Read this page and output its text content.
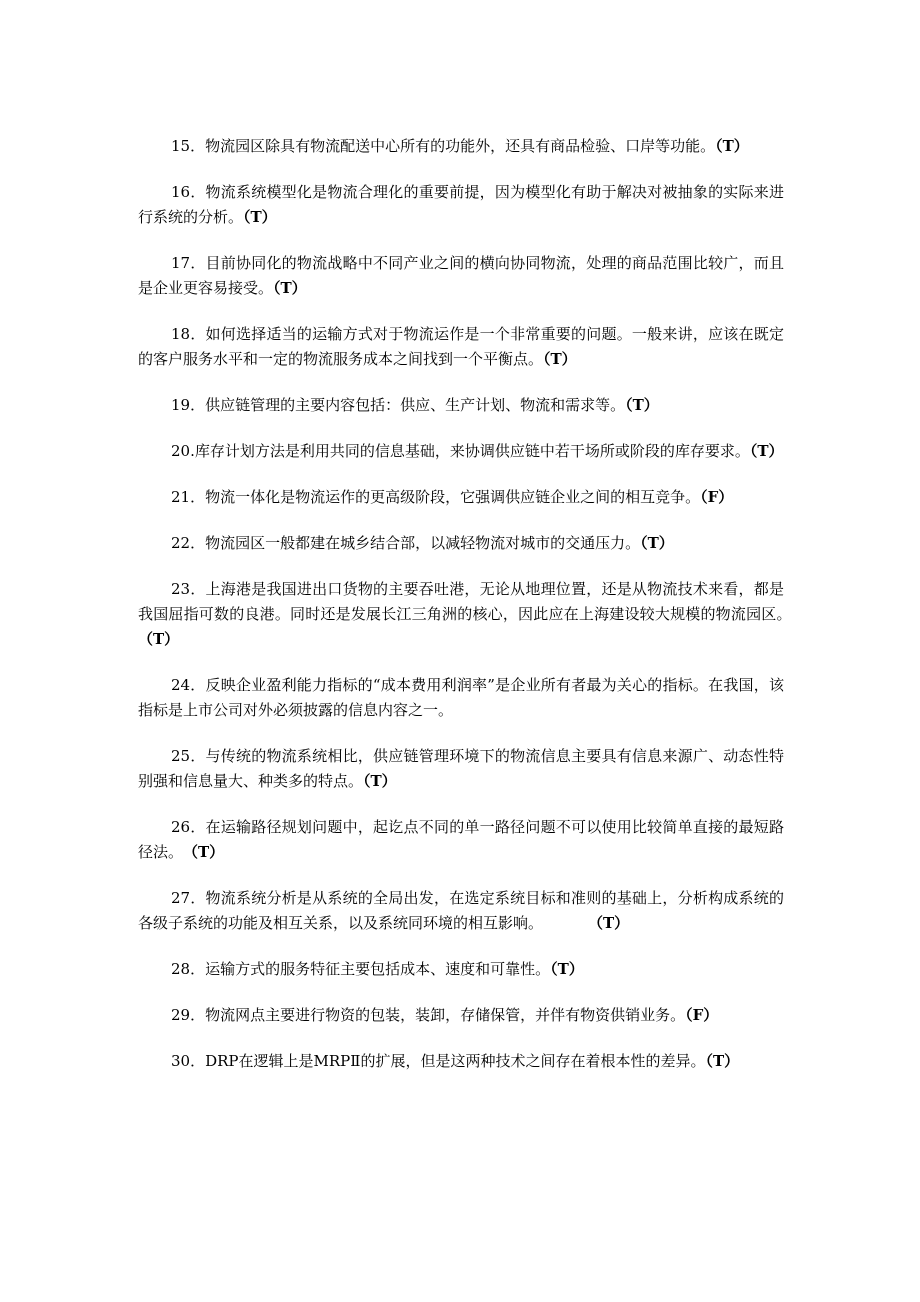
15．物流园区除具有物流配送中心所有的功能外，还具有商品检验、口岸等功能。（T）

16．物流系统模型化是物流合理化的重要前提，因为模型化有助于解决对被抽象的实际来进行系统的分析。（T）

17．目前协同化的物流战略中不同产业之间的横向协同物流，处理的商品范围比较广，而且是企业更容易接受。（T）

18．如何选择适当的运输方式对于物流运作是一个非常重要的问题。一般来讲，应该在既定的客户服务水平和一定的物流服务成本之间找到一个平衡点。（T）

19．供应链管理的主要内容包括：供应、生产计划、物流和需求等。（T）

20.库存计划方法是利用共同的信息基础，来协调供应链中若干场所或阶段的库存要求。（T）

21．物流一体化是物流运作的更高级阶段，它强调供应链企业之间的相互竞争。（F）

22．物流园区一般都建在城乡结合部，以减轻物流对城市的交通压力。（T）

23．上海港是我国进出口货物的主要吞吐港，无论从地理位置，还是从物流技术来看，都是我国屈指可数的良港。同时还是发展长江三角洲的核心，因此应在上海建设较大规模的物流园区。　（T）

24．反映企业盈利能力指标的“成本费用利润率”是企业所有者最为关心的指标。在我国，该指标是上市公司对外必须披露的信息内容之一。

25．与传统的物流系统相比，供应链管理环境下的物流信息主要具有信息来源广、动态性特别强和信息量大、种类多的特点。（T）

26．在运输路径规划问题中，起讫点不同的单一路径问题不可以使用比较简单直接的最短路径法。　（T）

27．物流系统分析是从系统的全局出发，在选定系统目标和准则的基础上，分析构成系统的各级子系统的功能及相互关系，以及系统同环境的相互影响。　　　　（T）

28．运输方式的服务特征主要包括成本、速度和可靠性。（T）

29．物流网点主要进行物资的包装，装卸，存储保管，并伴有物资供销业务。（F）

30．DRP在逻辑上是MRPⅡ的扩展，但是这两种技术之间存在着根本性的差异。（T）
